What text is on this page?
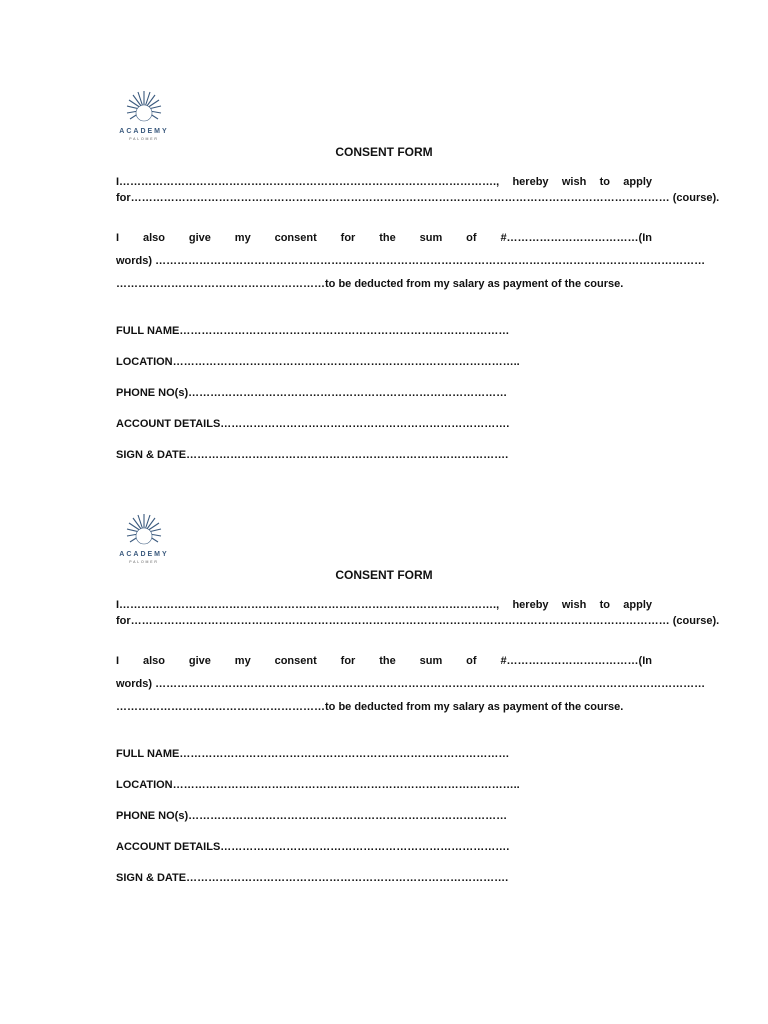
ACADEMY
PALOMER
CONSENT FORM
I…………………………………………………………………………………………., hereby wish to apply
for………………………………………………………………………………………………………………………………… (course).
I also give my consent for the sum of #………………………………(In
words) ……………………………………………………………………………………………………………………………………
…………………………………………………to be deducted from my salary as payment of the course.
FULL NAME………………………………………………………………………………
LOCATION…………………………………………………………………………………..
PHONE NO(s)……………………………………………………………………………
ACCOUNT DETAILS…………………………………………………………………….
SIGN & DATE…………………………………………………………………………….
ACADEMY
PALOMER
CONSENT FORM
I…………………………………………………………………………………………., hereby wish to apply
for………………………………………………………………………………………………………………………………… (course).
I also give my consent for the sum of #………………………………(In
words) ……………………………………………………………………………………………………………………………………
…………………………………………………to be deducted from my salary as payment of the course.
FULL NAME………………………………………………………………………………
LOCATION…………………………………………………………………………………..
PHONE NO(s)……………………………………………………………………………
ACCOUNT DETAILS…………………………………………………………………….
SIGN & DATE…………………………………………………………………………….
